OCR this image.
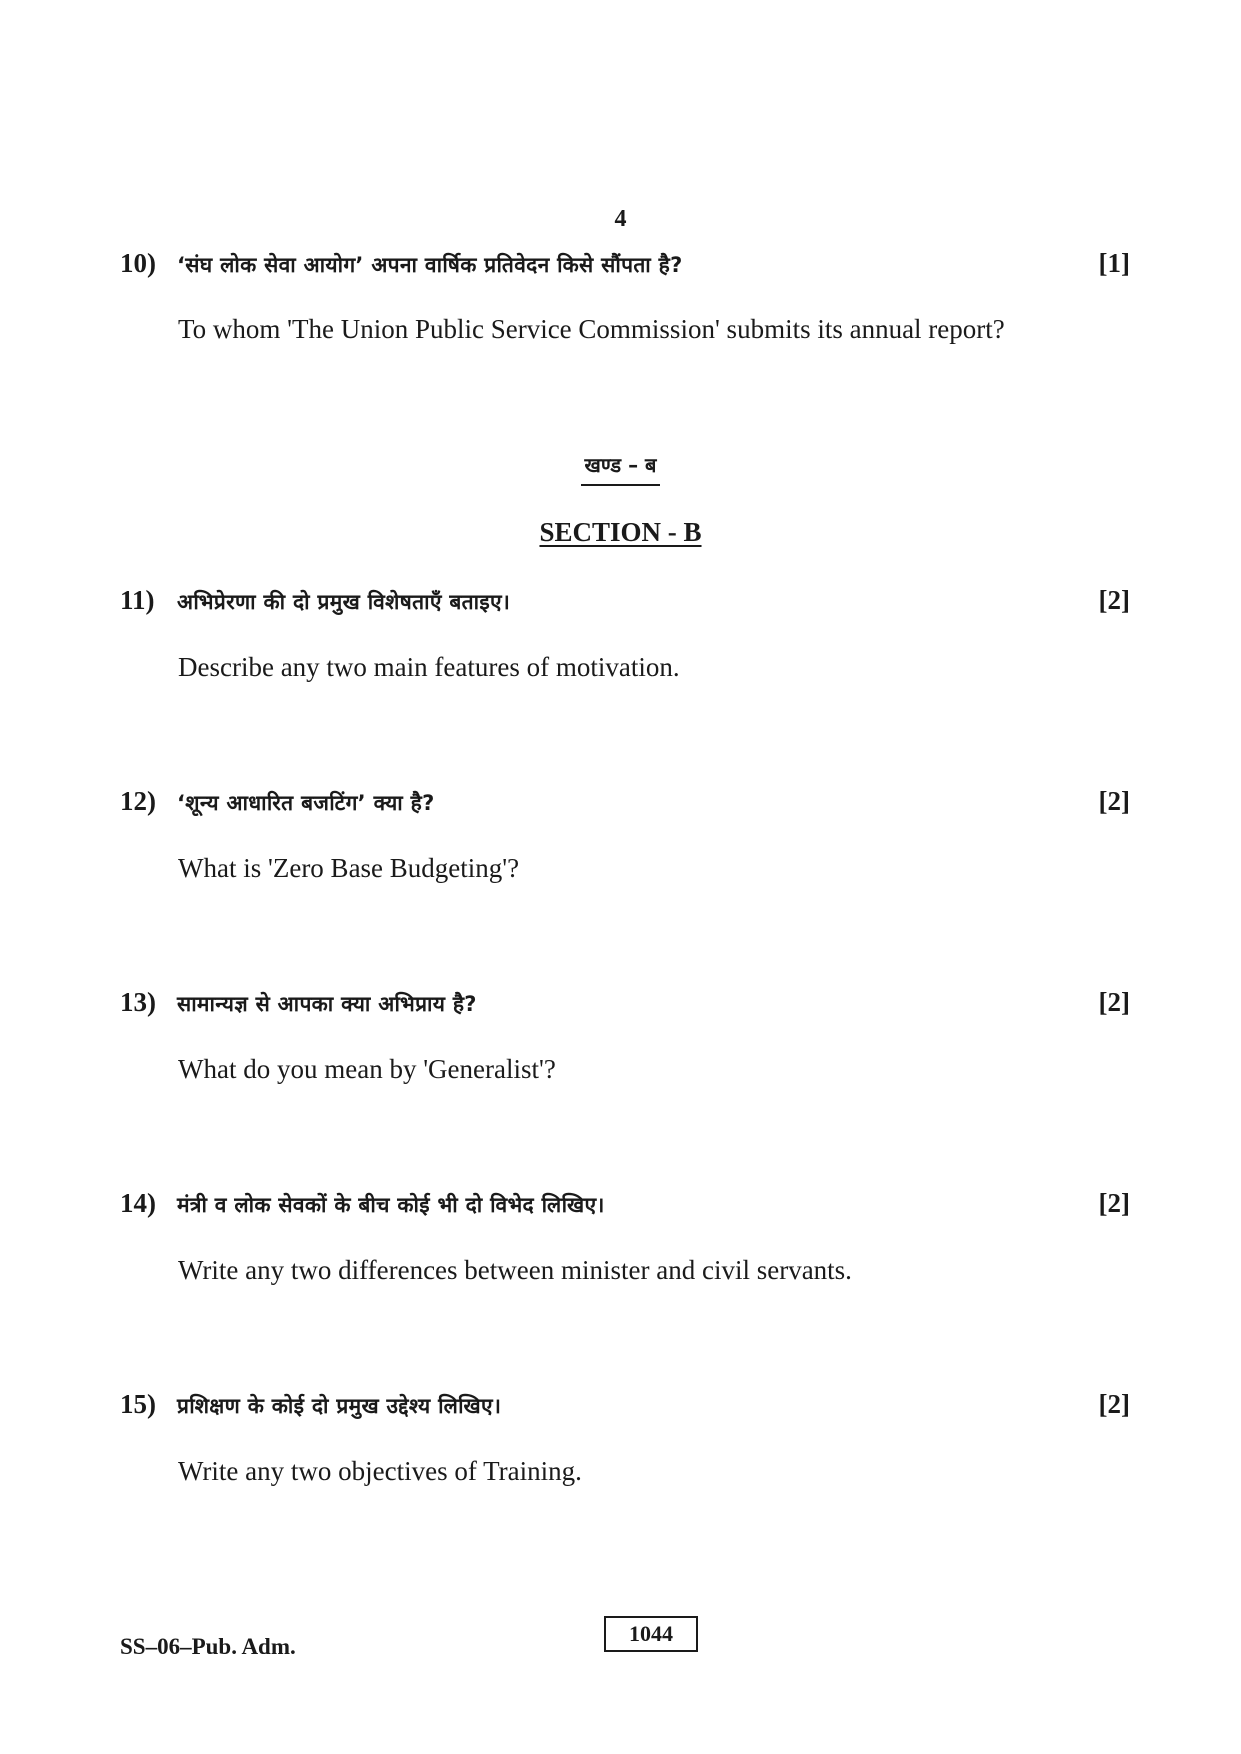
4
10) ‘संघ लोक सेवा आयोग’ अपना वार्षिक प्रतिवेदन किसे सौंपता है?	[1]
To whom 'The Union Public Service Commission' submits its annual report?
खण्ड – ब
SECTION - B
11) अभिप्रेरणा की दो प्रमुख विशेषताएँ बताइए।	[2]
Describe any two main features of motivation.
12) ‘शून्य आधारित बजटिंग’ क्या है?	[2]
What is 'Zero Base Budgeting'?
13) सामान्यज्ञ से आपका क्या अभिप्राय है?	[2]
What do you mean by 'Generalist'?
14) मंत्री व लोक सेवकों के बीच कोई भी दो विभेद लिखिए।	[2]
Write any two differences between minister and civil servants.
15) प्रशिक्षण के कोई दो प्रमुख उद्देश्य लिखिए।	[2]
Write any two objectives of Training.
SS–06–Pub. Adm.
1044
